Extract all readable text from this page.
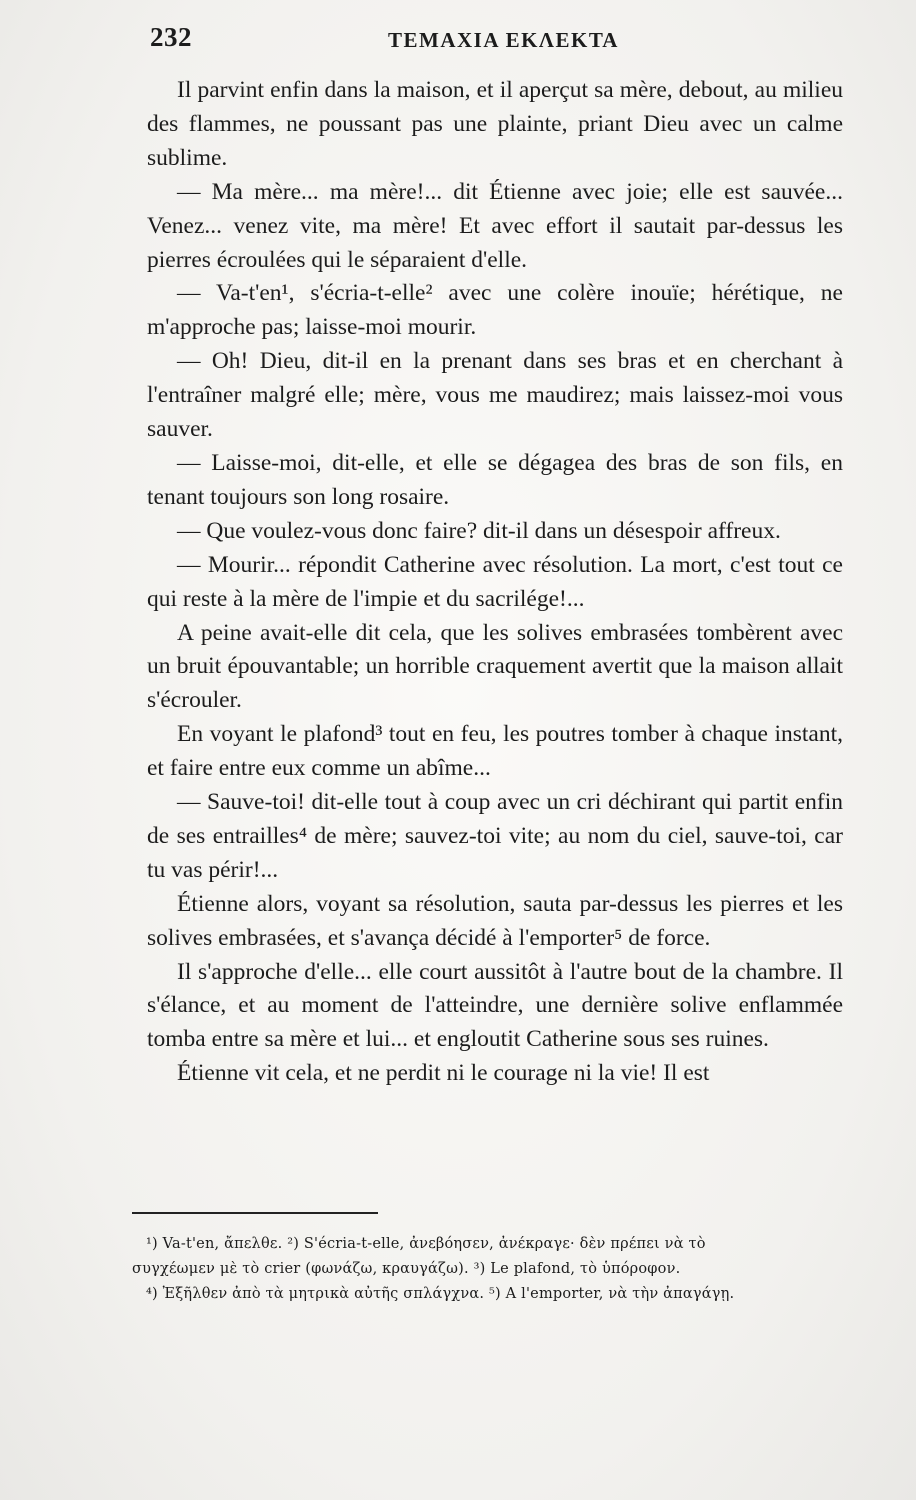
232	ΤΕΜΑΧΙΑ ΕΚΛΕΚΤΑ

Il parvint enfin dans la maison, et il aperçut sa mère, debout, au milieu des flammes, ne poussant pas une plainte, priant Dieu avec un calme sublime.

— Ma mère... ma mère!... dit Étienne avec joie; elle est sauvée... Venez... venez vite, ma mère! Et avec effort il sautait par-dessus les pierres écroulées qui le séparaient d'elle.

— Va-t'en¹, s'écria-t-elle² avec une colère inouïe; hérétique, ne m'approche pas; laisse-moi mourir.

— Oh! Dieu, dit-il en la prenant dans ses bras et en cherchant à l'entraîner malgré elle; mère, vous me maudirez; mais laissez-moi vous sauver.

— Laisse-moi, dit-elle, et elle se dégagea des bras de son fils, en tenant toujours son long rosaire.

— Que voulez-vous donc faire? dit-il dans un désespoir affreux.

— Mourir... répondit Catherine avec résolution. La mort, c'est tout ce qui reste à la mère de l'impie et du sacrilége!...

A peine avait-elle dit cela, que les solives embrasées tombèrent avec un bruit épouvantable; un horrible craquement avertit que la maison allait s'écrouler.

En voyant le plafond³ tout en feu, les poutres tomber à chaque instant, et faire entre eux comme un abîme...

— Sauve-toi! dit-elle tout à coup avec un cri déchirant qui partit enfin de ses entrailles⁴ de mère; sauvez-toi vite; au nom du ciel, sauve-toi, car tu vas périr!...

Étienne alors, voyant sa résolution, sauta par-dessus les pierres et les solives embrasées, et s'avança décidé à l'emporter⁵ de force.

Il s'approche d'elle... elle court aussitôt à l'autre bout de la chambre. Il s'élance, et au moment de l'atteindre, une dernière solive enflammée tomba entre sa mère et lui... et engloutit Catherine sous ses ruines.

Étienne vit cela, et ne perdit ni le courage ni la vie! Il est

¹) Va-t'en, ἄπελθε. ²) S'écria-t-elle, ἀνεβόησεν, ἀνέκραγε· δὲν πρέπει νὰ τὸ

συγχέωμεν μὲ τὸ crier (φωνάζω, κραυγάζω). ³) Le plafond, τὸ ὑπόροφον.

⁴) Ἐξῆλθεν ἀπὸ τὰ μητρικὰ αὐτῆς σπλάγχνα. ⁵) A l'emporter, νὰ τὴν ἀπαγάγῃ.
